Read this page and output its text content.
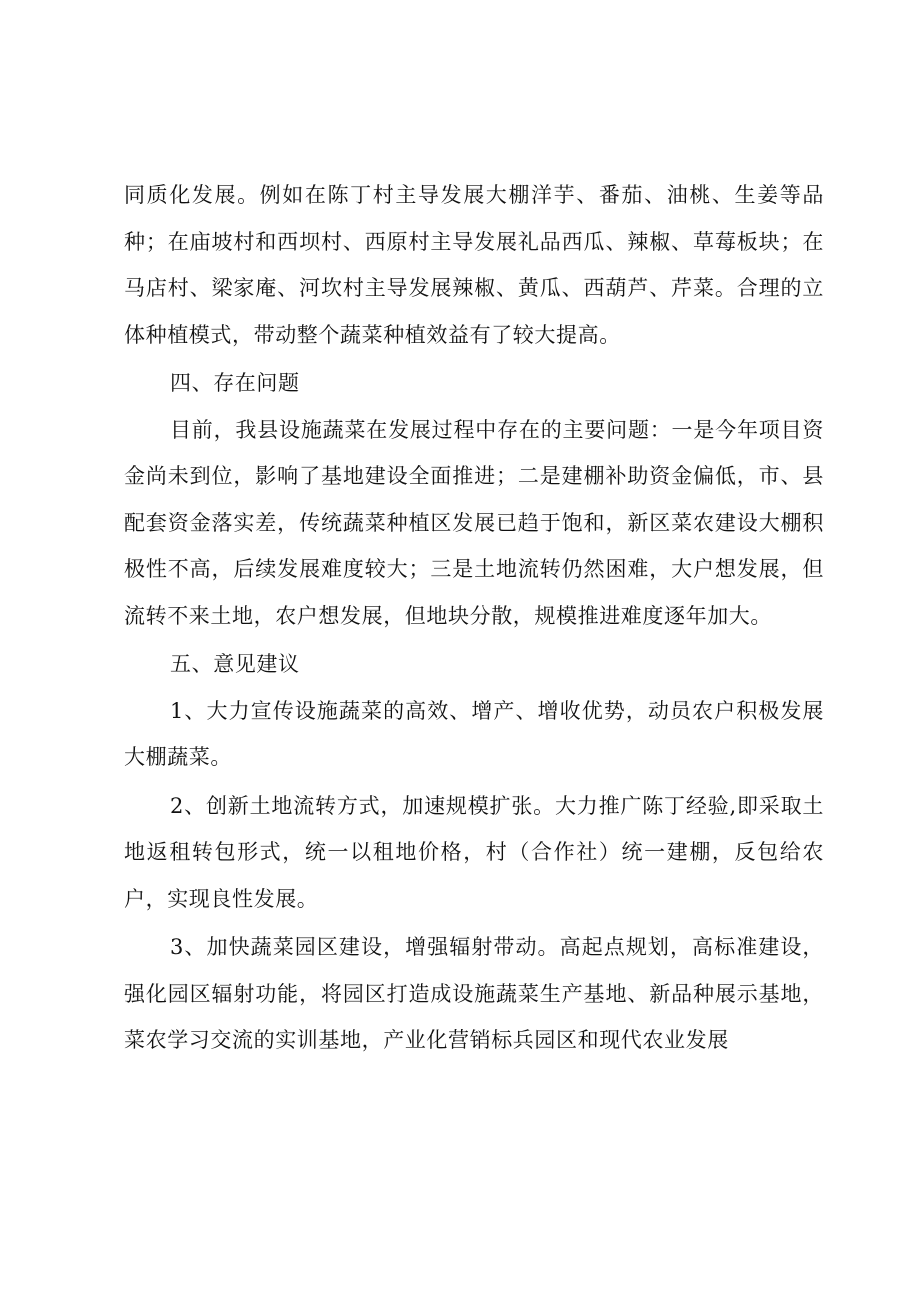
同质化发展。例如在陈丁村主导发展大棚洋芋、番茄、油桃、生姜等品种；在庙坡村和西坝村、西原村主导发展礼品西瓜、辣椒、草莓板块；在马店村、梁家庵、河坎村主导发展辣椒、黄瓜、西葫芦、芹菜。合理的立体种植模式，带动整个蔬菜种植效益有了较大提高。

四、存在问题

目前，我县设施蔬菜在发展过程中存在的主要问题：一是今年项目资金尚未到位，影响了基地建设全面推进；二是建棚补助资金偏低，市、县配套资金落实差，传统蔬菜种植区发展已趋于饱和，新区菜农建设大棚积极性不高，后续发展难度较大；三是土地流转仍然困难，大户想发展，但流转不来土地，农户想发展，但地块分散，规模推进难度逐年加大。

五、意见建议

1、大力宣传设施蔬菜的高效、增产、增收优势，动员农户积极发展大棚蔬菜。

2、创新土地流转方式，加速规模扩张。大力推广陈丁经验,即采取土地返租转包形式，统一以租地价格，村（合作社）统一建棚，反包给农户，实现良性发展。

3、加快蔬菜园区建设，增强辐射带动。高起点规划，高标准建设，强化园区辐射功能，将园区打造成设施蔬菜生产基地、新品种展示基地，菜农学习交流的实训基地，产业化营销标兵园区和现代农业发展
